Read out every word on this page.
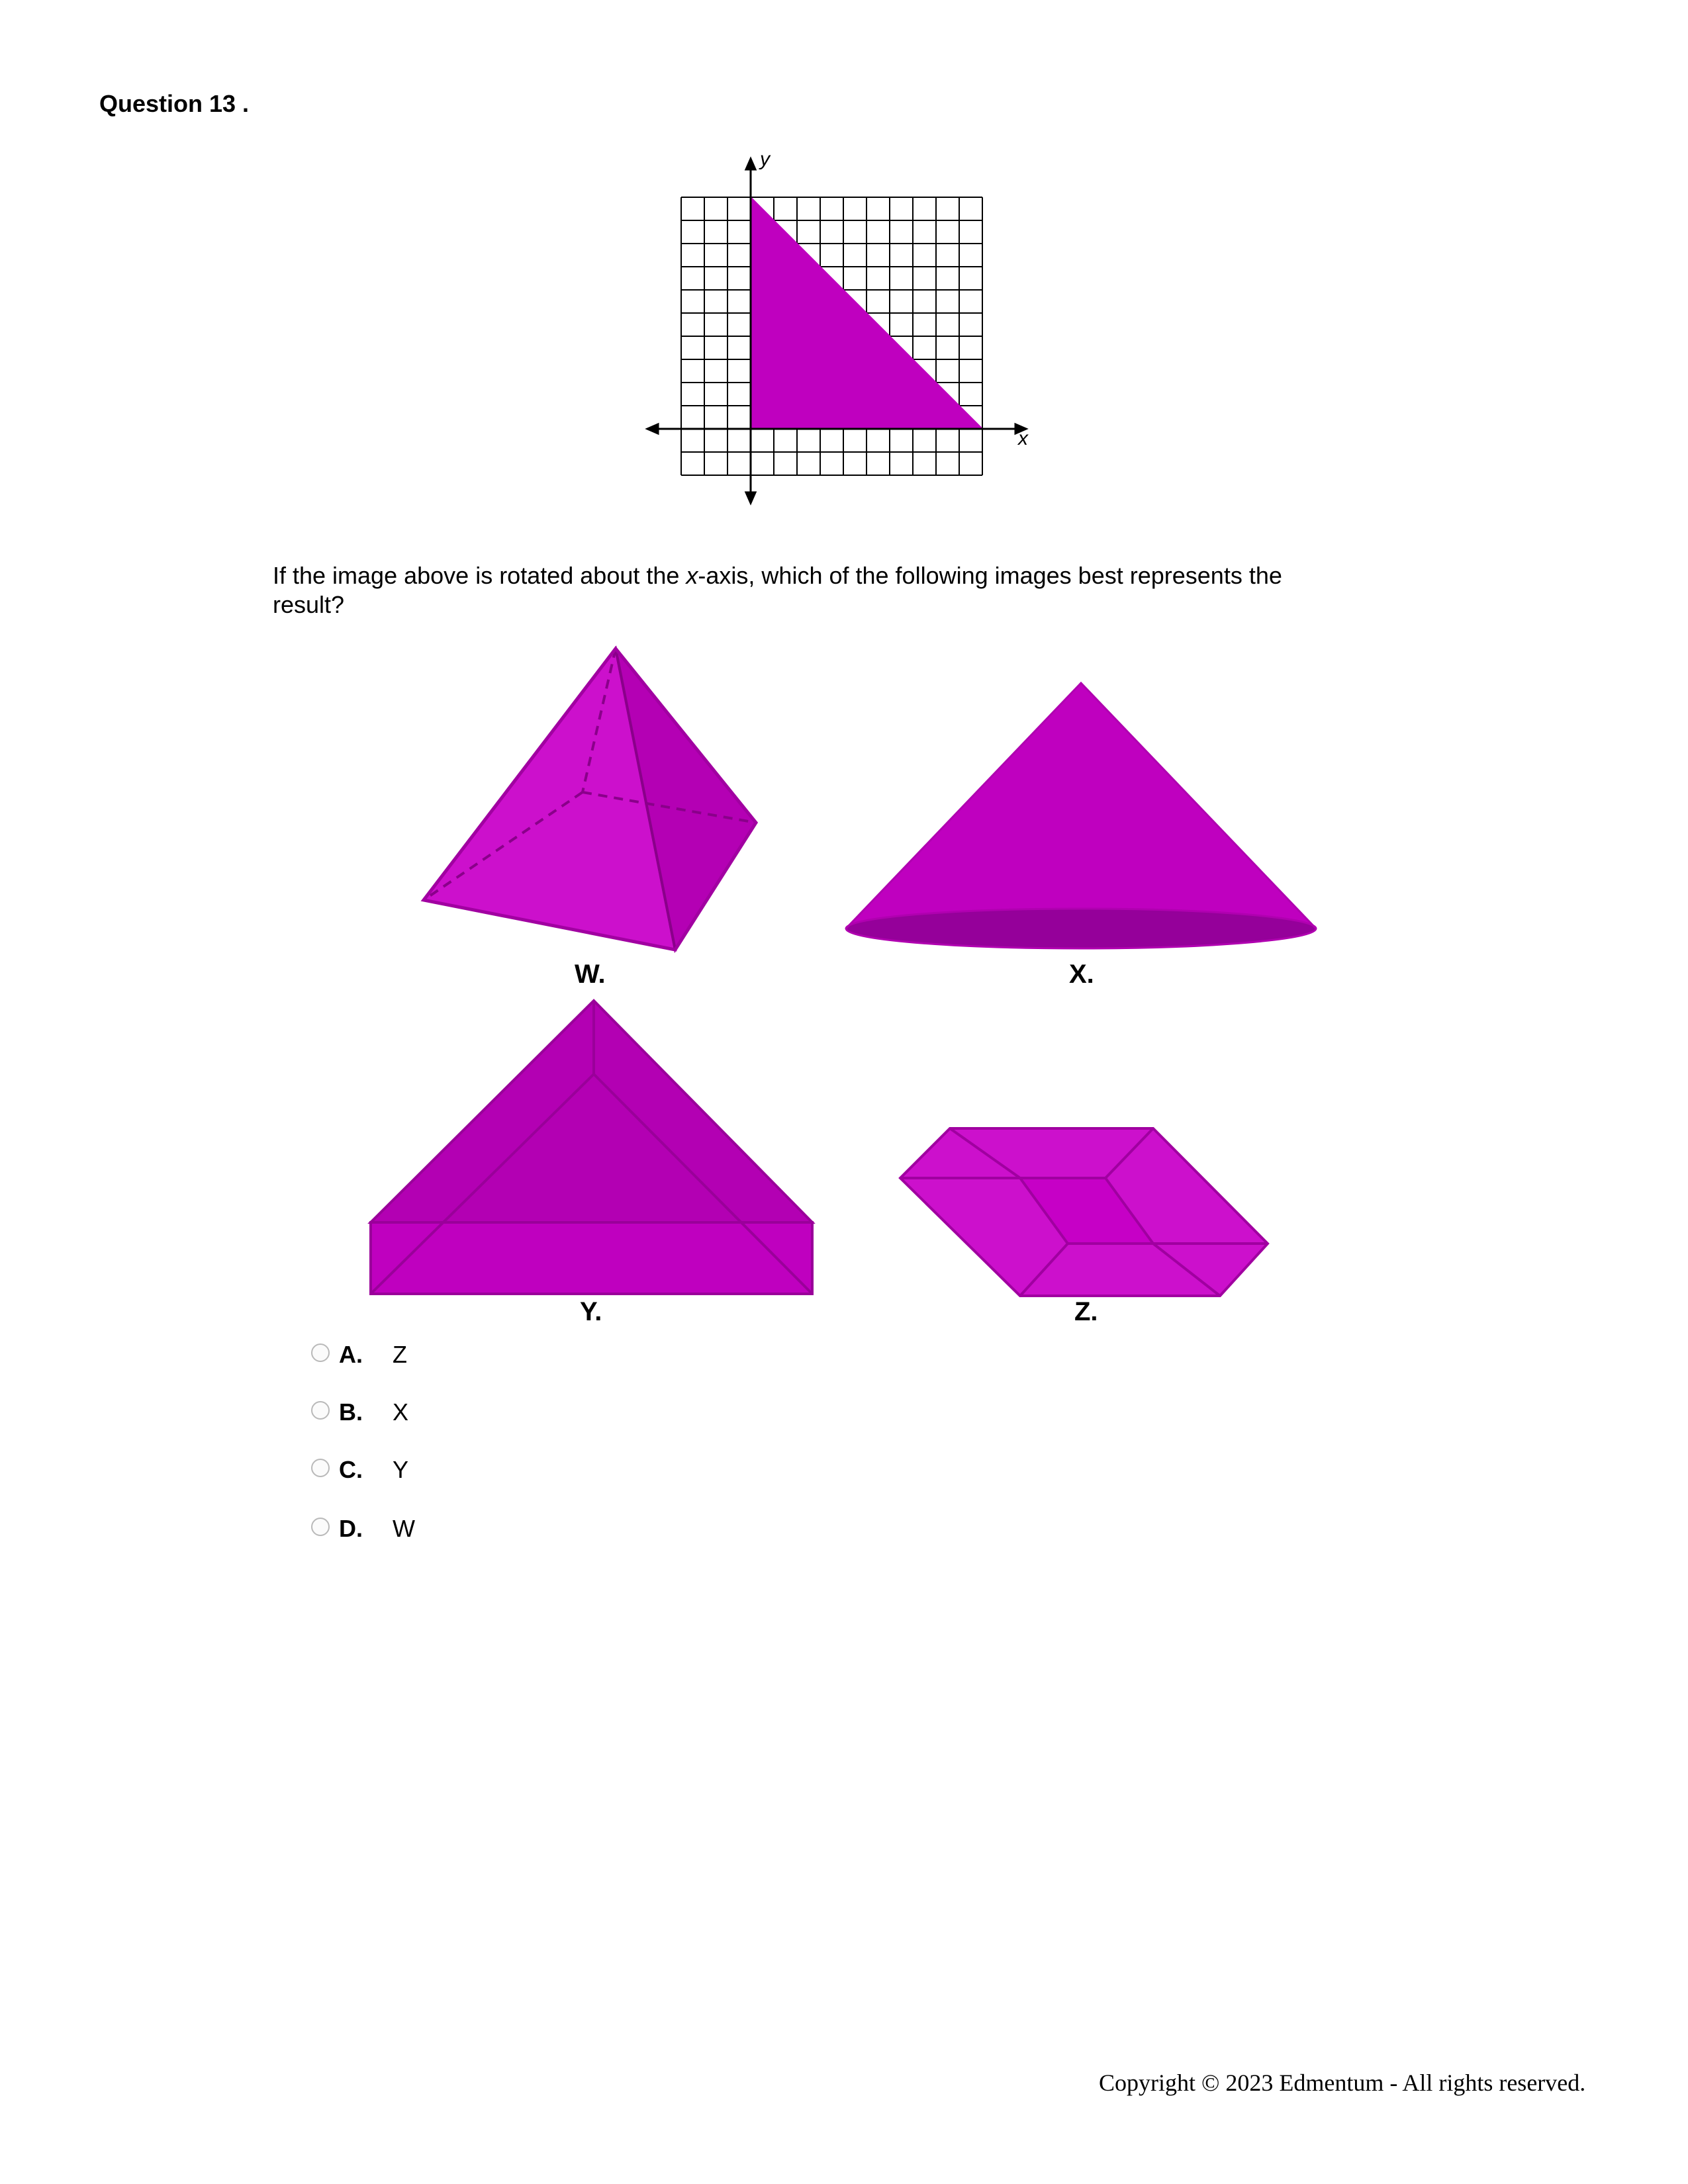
Question 13 .
x
y
If the image above is rotated about the x-axis, which of the following images best represents the result?
W.	X.
Y.	Z.
A. Z
B. X
C. Y
D. W
Copyright © 2023 Edmentum - All rights reserved.
